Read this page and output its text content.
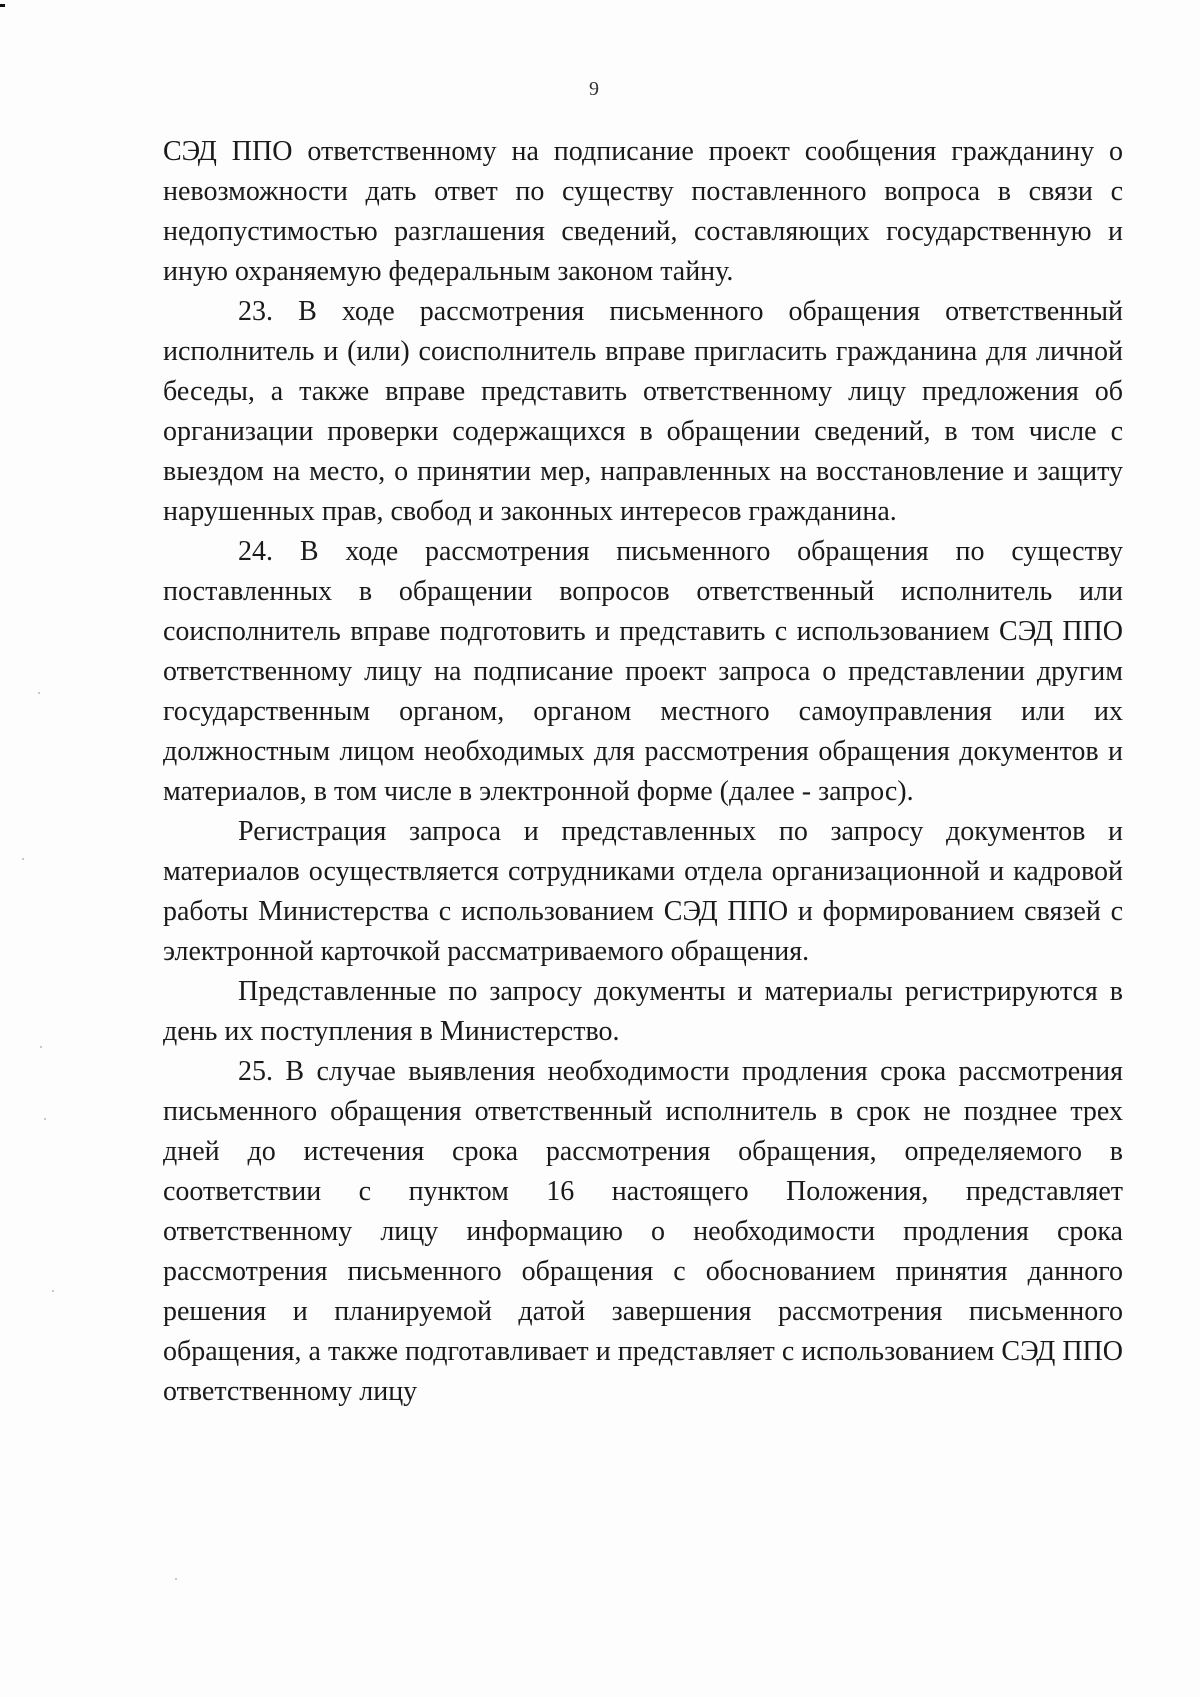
9

СЭД ППО ответственному на подписание проект сообщения гражданину о невозможности дать ответ по существу поставленного вопроса в связи с недопустимостью разглашения сведений, составляющих государственную и иную охраняемую федеральным законом тайну.

23. В ходе рассмотрения письменного обращения ответственный исполнитель и (или) соисполнитель вправе пригласить гражданина для личной беседы, а также вправе представить ответственному лицу предложения об организации проверки содержащихся в обращении сведений, в том числе с выездом на место, о принятии мер, направленных на восстановление и защиту нарушенных прав, свобод и законных интересов гражданина.

24. В ходе рассмотрения письменного обращения по существу поставленных в обращении вопросов ответственный исполнитель или соисполнитель вправе подготовить и представить с использованием СЭД ППО ответственному лицу на подписание проект запроса о представлении другим государственным органом, органом местного самоуправления или их должностным лицом необходимых для рассмотрения обращения документов и материалов, в том числе в электронной форме (далее - запрос).

Регистрация запроса и представленных по запросу документов и материалов осуществляется сотрудниками отдела организационной и кадровой работы Министерства с использованием СЭД ППО и формированием связей с электронной карточкой рассматриваемого обращения.

Представленные по запросу документы и материалы регистрируются в день их поступления в Министерство.

25. В случае выявления необходимости продления срока рассмотрения письменного обращения ответственный исполнитель в срок не позднее трех дней до истечения срока рассмотрения обращения, определяемого в соответствии с пунктом 16 настоящего Положения, представляет ответственному лицу информацию о необходимости продления срока рассмотрения письменного обращения с обоснованием принятия данного решения и планируемой датой завершения рассмотрения письменного обращения, а также подготавливает и представляет с использованием СЭД ППО ответственному лицу
